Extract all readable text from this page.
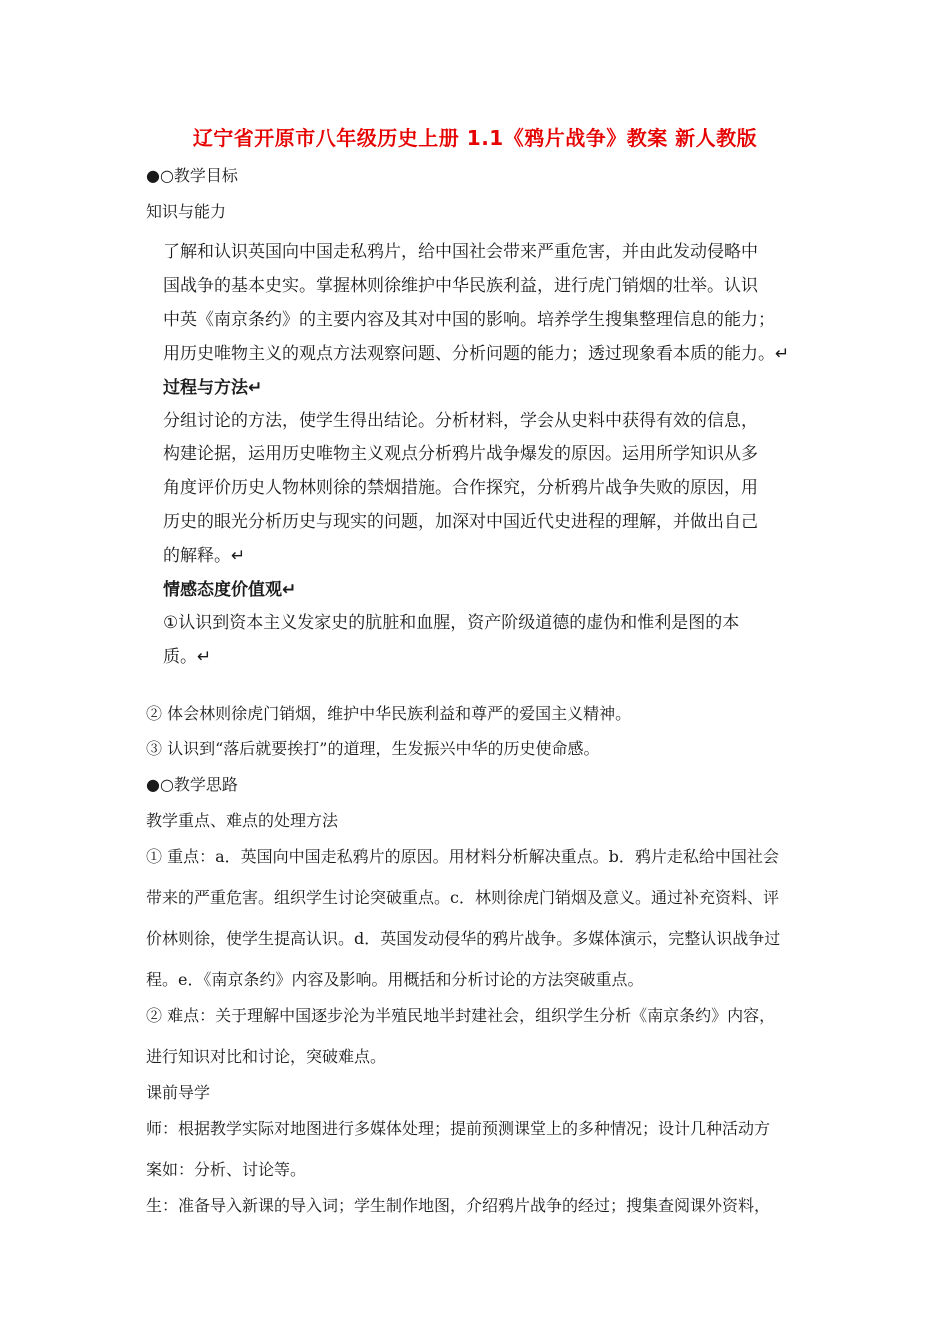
辽宁省开原市八年级历史上册 1.1《鸦片战争》教案 新人教版
●○教学目标
知识与能力
了解和认识英国向中国走私鸦片，给中国社会带来严重危害，并由此发动侵略中
国战争的基本史实。掌握林则徐维护中华民族利益，进行虎门销烟的壮举。认识
中英《南京条约》的主要内容及其对中国的影响。培养学生搜集整理信息的能力；
用历史唯物主义的观点方法观察问题、分析问题的能力；透过现象看本质的能力。↵
过程与方法↵
分组讨论的方法，使学生得出结论。分析材料，学会从史料中获得有效的信息，
构建论据，运用历史唯物主义观点分析鸦片战争爆发的原因。运用所学知识从多
角度评价历史人物林则徐的禁烟措施。合作探究，分析鸦片战争失败的原因，用
历史的眼光分析历史与现实的问题，加深对中国近代史进程的理解，并做出自己
的解释。↵
情感态度价值观↵
①认识到资本主义发家史的肮脏和血腥，资产阶级道德的虚伪和惟利是图的本
质。↵
② 体会林则徐虎门销烟，维护中华民族利益和尊严的爱国主义精神。
③ 认识到“落后就要挨打”的道理，生发振兴中华的历史使命感。
●○教学思路
教学重点、难点的处理方法
① 重点：a．英国向中国走私鸦片的原因。用材料分析解决重点。b．鸦片走私给中国社会
带来的严重危害。组织学生讨论突破重点。c．林则徐虎门销烟及意义。通过补充资料、评
价林则徐，使学生提高认识。d．英国发动侵华的鸦片战争。多媒体演示，完整认识战争过
程。e．《南京条约》内容及影响。用概括和分析讨论的方法突破重点。
② 难点：关于理解中国逐步沦为半殖民地半封建社会，组织学生分析《南京条约》内容，
进行知识对比和讨论，突破难点。
课前导学
师：根据教学实际对地图进行多媒体处理；提前预测课堂上的多种情况；设计几种活动方
案如：分析、讨论等。
生：准备导入新课的导入词；学生制作地图，介绍鸦片战争的经过；搜集查阅课外资料，
